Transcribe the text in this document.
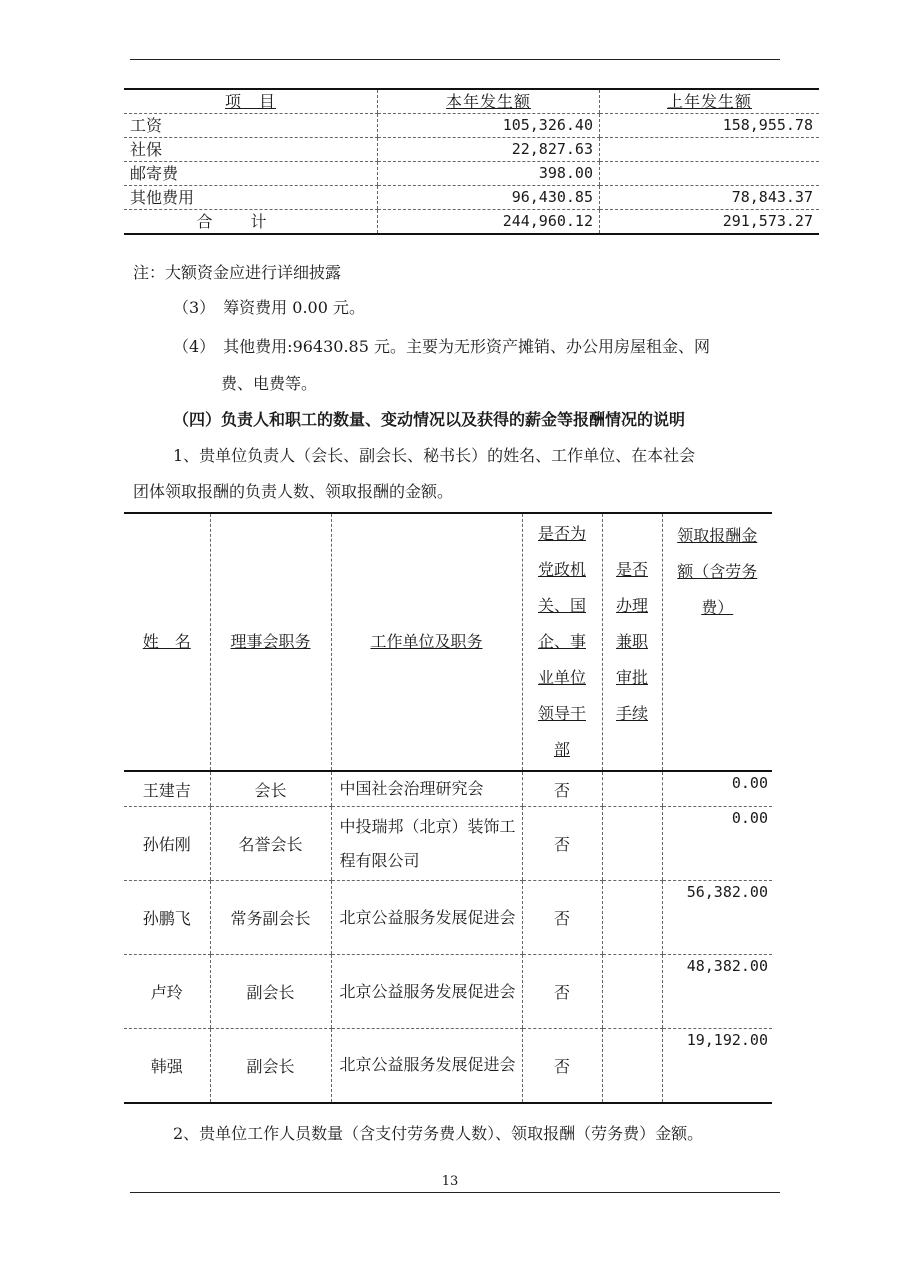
项　目	本年发生额	上年发生额
工资	105,326.40	158,955.78
社保	22,827.63	
邮寄费	398.00	
其他费用	96,430.85	78,843.37
合计	244,960.12	291,573.27
注：大额资金应进行详细披露
（3）　筹资费用 0.00 元。
（4）　其他费用:96430.85 元。主要为无形资产摊销、办公用房屋租金、网
费、电费等。
（四）负责人和职工的数量、变动情况以及获得的薪金等报酬情况的说明
1、贵单位负责人（会长、副会长、秘书长）的姓名、工作单位、在本社会
团体领取报酬的负责人数、领取报酬的金额。
姓　名	理事会职务	工作单位及职务	是否为党政机关、国企、事业单位领导干部	是否办理兼职审批手续	领取报酬金额（含劳务费）
王建吉	会长	中国社会治理研究会	否		0.00
孙佑刚	名誉会长	中投瑞邦（北京）装饰工程有限公司	否		0.00
孙鹏飞	常务副会长	北京公益服务发展促进会	否		56,382.00
卢玲	副会长	北京公益服务发展促进会	否		48,382.00
韩强	副会长	北京公益服务发展促进会	否		19,192.00
2、贵单位工作人员数量（含支付劳务费人数）、领取报酬（劳务费）金额。
13
